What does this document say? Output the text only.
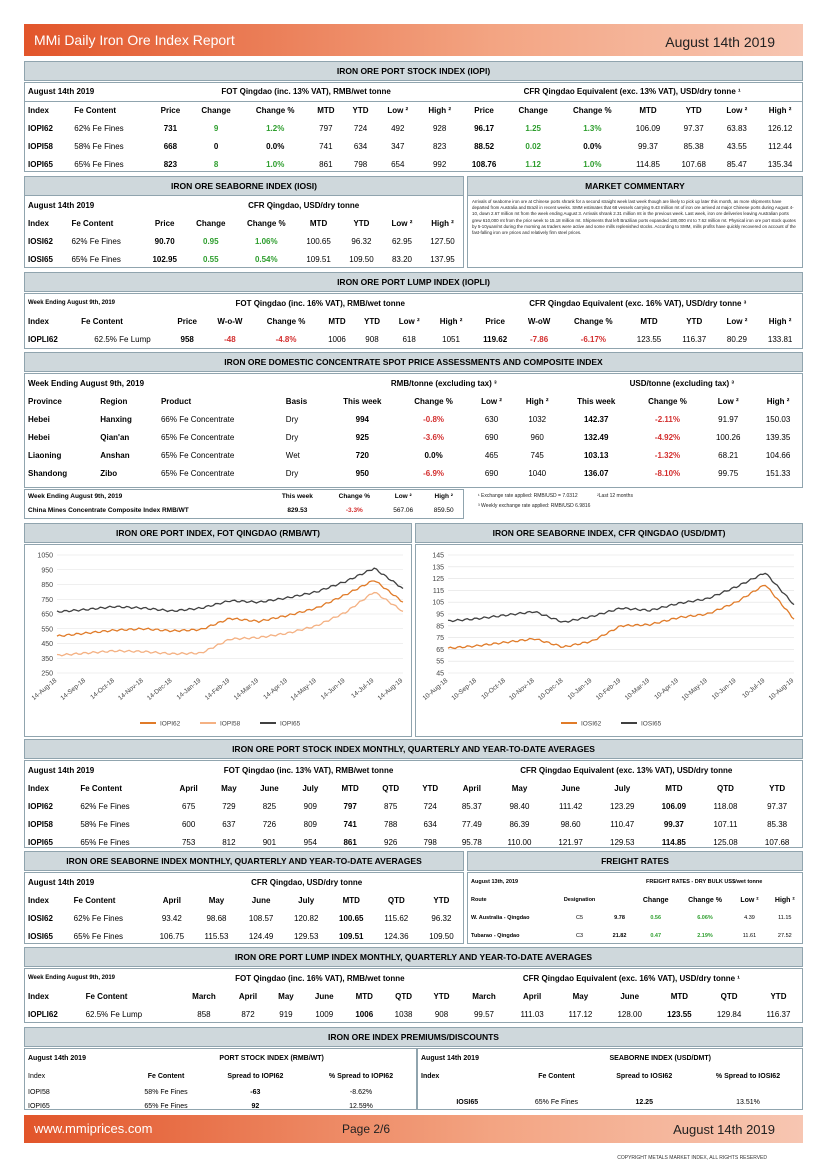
MMi Daily Iron Ore Index Report	August 14th 2019
IRON ORE PORT STOCK INDEX (IOPI)
August 14th 2019		FOT Qingdao (inc. 13% VAT), RMB/wet tonne							CFR Qingdao Equivalent (exc. 13% VAT), USD/dry tonne ¹						
Index	Fe Content	Price	Change	Change %	MTD	YTD	Low ²	High ²	Price	Change	Change %	MTD	YTD	Low ²	High ²
IOPI62	62% Fe Fines	731	9	1.2%	797	724	492	928	96.17	1.25	1.3%	106.09	97.37	63.83	126.12
IOPI58	58% Fe Fines	668	0	0.0%	741	634	347	823	88.52	0.02	0.0%	99.37	85.38	43.55	112.44
IOPI65	65% Fe Fines	823	8	1.0%	861	798	654	992	108.76	1.12	1.0%	114.85	107.68	85.47	135.34
IRON ORE SEABORNE INDEX (IOSI)	MARKET COMMENTARY
August 14th 2019		CFR Qingdao, USD/dry tonne						
Index	Fe Content	Price	Change	Change %	MTD	YTD	Low ²	High ²
IOSI62	62% Fe Fines	90.70	0.95	1.06%	100.65	96.32	62.95	127.50
IOSI65	65% Fe Fines	102.95	0.55	0.54%	109.51	109.50	83.20	137.95
Arrivals of seaborne iron ore at Chinese ports shrank for a second straight week last week though are likely to pick up later this month, as more shipments have departed from Australia and Brazil in recent weeks. SMM estimates that 68 vessels carrying 9.43 million mt of iron ore arrived at major Chinese ports during August 4-10, down 2.67 million mt from the week ending August 3. Arrivals shrank 2.31 million mt in the previous week. Last week, iron ore deliveries leaving Australian ports grew 610,000 mt from the prior week to 15.18 million mt. Shipments that left Brazilian ports expanded 180,000 mt to 7.62 million mt. Physical iron ore port stock quotes by 5-10yuan/mt during the morning as traders were active and some mills replenished stocks. According to SMM, mills profits have quickly recovered on account of the fast-falling iron ore prices and relatively firm steel prices.
IRON ORE PORT LUMP INDEX (IOPLI)
Week Ending August 9th, 2019		FOT Qingdao (inc. 16% VAT), RMB/wet tonne							CFR Qingdao Equivalent (exc. 16% VAT), USD/dry tonne ³						
Index	Fe Content	Price	W-o-W	Change %	MTD	YTD	Low ²	High ²	Price	W-oW	Change %	MTD	YTD	Low ²	High ²
IOPLI62	62.5% Fe Lump	958	-48	-4.8%	1006	908	618	1051	119.62	-7.86	-6.17%	123.55	116.37	80.29	133.81
IRON ORE DOMESTIC CONCENTRATE SPOT PRICE ASSESSMENTS AND COMPOSITE INDEX
Week Ending August 9th, 2019				RMB/tonne (excluding tax) ³				USD/tonne (excluding tax) ³			
Province	Region	Product	Basis	This week	Change %	Low ²	High ²	This week	Change %	Low ²	High ²
Hebei	Hanxing	66% Fe Concentrate	Dry	994	-0.8%	630	1032	142.37	-2.11%	91.97	150.03
Hebei	Qian'an	65% Fe Concentrate	Dry	925	-3.6%	690	960	132.49	-4.92%	100.26	139.35
Liaoning	Anshan	65% Fe Concentrate	Wet	720	0.0%	465	745	103.13	-1.32%	68.21	104.66
Shandong	Zibo	65% Fe Concentrate	Dry	950	-6.9%	690	1040	136.07	-8.10%	99.75	151.33
Week Ending August 9th, 2019	This week	Change %	Low ²	High ²
China Mines Concentrate Composite Index RMB/WT	829.53	-3.3%	567.06	859.50
¹ Exchange rate applied: RMB/USD = 7.0312	²Last 12 months
³ Weekly exchange rate applied: RMB/USD 6.9816
IRON ORE PORT INDEX, FOT QINGDAO (RMB/WT)	IRON ORE SEABORNE INDEX, CFR QINGDAO (USD/DMT)
250
350
450
550
650
750
850
950
1050
14-Aug-18 14-Sep-18 14-Oct-18 14-Nov-18 14-Dec-18 14-Jan-19 14-Feb-19 14-Mar-19 14-Apr-19 14-May-19 14-Jun-19 14-Jul-19 14-Aug-19
IOPI62	IOPI58	IOPI65
45
55
65
75
85
95
105
115
125
135
145
10-Aug-18 10-Sep-18 10-Oct-18 10-Nov-18 10-Dec-18 10-Jan-19 10-Feb-19 10-Mar-19 10-Apr-19 10-May-19 10-Jun-19 10-Jul-19 10-Aug-19
IOSI62	IOSI65
IRON ORE PORT STOCK INDEX MONTHLY, QUARTERLY AND YEAR-TO-DATE AVERAGES
August 14th 2019		FOT Qingdao (inc. 13% VAT), RMB/wet tonne							CFR Qingdao Equivalent (exc. 13% VAT), USD/dry tonne						
Index	Fe Content	April	May	June	July	MTD	QTD	YTD	April	May	June	July	MTD	QTD	YTD
IOPI62	62% Fe Fines	675	729	825	909	797	875	724	85.37	98.40	111.42	123.29	106.09	118.08	97.37
IOPI58	58% Fe Fines	600	637	726	809	741	788	634	77.49	86.39	98.60	110.47	99.37	107.11	85.38
IOPI65	65% Fe Fines	753	812	901	954	861	926	798	95.78	110.00	121.97	129.53	114.85	125.08	107.68
IRON ORE SEABORNE INDEX MONTHLY, QUARTERLY AND YEAR-TO-DATE AVERAGES	FREIGHT RATES
August 14th 2019		CFR Qingdao, USD/dry tonne						
Index	Fe Content	April	May	June	July	MTD	QTD	YTD
IOSI62	62% Fe Fines	93.42	98.68	108.57	120.82	100.65	115.62	96.32
IOSI65	65% Fe Fines	106.75	115.53	124.49	129.53	109.51	124.36	109.50
August 13th, 2019		FREIGHT RATES - DRY BULK US$/wet tonne				
Route	Designation		Change	Change %	Low ²	High ²
W. Australia - Qingdao	C5	9.78	0.56	6.06%	4.39	11.15
Tubarao - Qingdao	C3	21.82	0.47	2.19%	11.61	27.52
IRON ORE PORT LUMP INDEX MONTHLY, QUARTERLY AND YEAR-TO-DATE AVERAGES
Week Ending August 9th, 2019		FOT Qingdao (inc. 16% VAT), RMB/wet tonne							CFR Qingdao Equivalent (exc. 16% VAT), USD/dry tonne ¹						
Index	Fe Content	March	April	May	June	MTD	QTD	YTD	March	April	May	June	MTD	QTD	YTD
IOPLI62	62.5% Fe Lump	858	872	919	1009	1006	1038	908	99.57	111.03	117.12	128.00	123.55	129.84	116.37
IRON ORE INDEX PREMIUMS/DISCOUNTS
August 14th 2019	PORT STOCK INDEX (RMB/WT)		
Index	Fe Content	Spread to IOPI62	% Spread to IOPI62
IOPI58	58% Fe Fines	-63	-8.62%
IOPI65	65% Fe Fines	92	12.59%
August 14th 2019	SEABORNE INDEX (USD/DMT)		
Index	Fe Content	Spread to IOSI62	% Spread to IOSI62

IOSI65	65% Fe Fines	12.25	13.51%
www.mmiprices.com	Page 2/6	August 14th 2019
COPYRIGHT METALS MARKET INDEX, ALL RIGHTS RESERVED
